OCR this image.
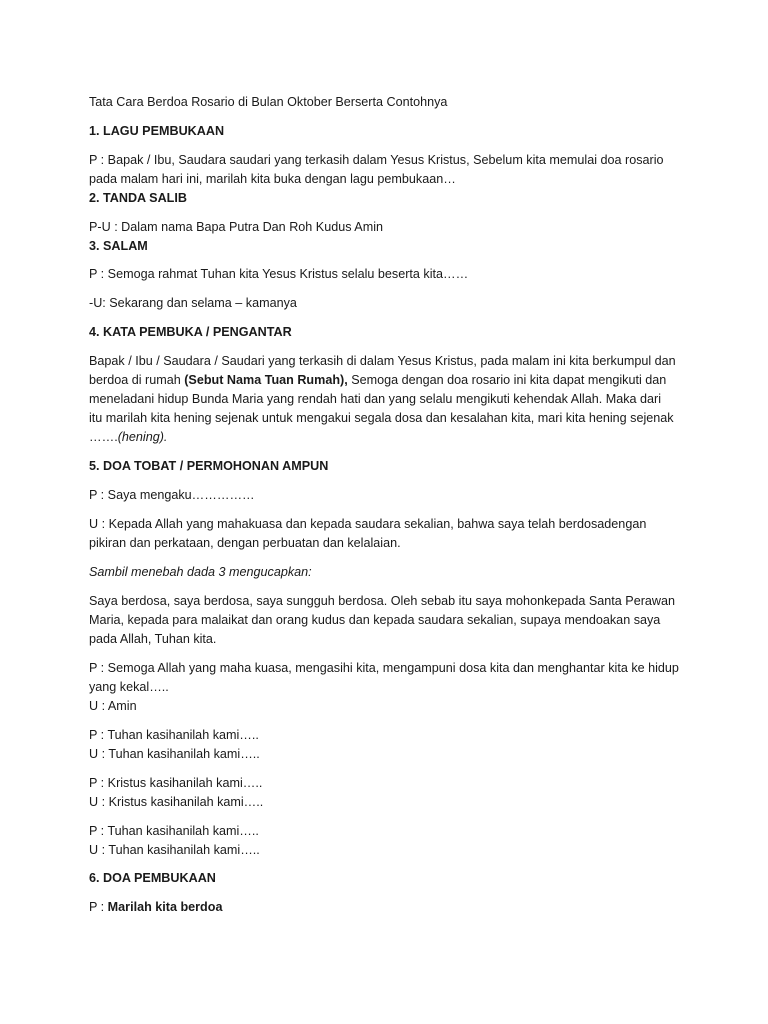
Tata Cara Berdoa Rosario di Bulan Oktober Berserta Contohnya
1. LAGU PEMBUKAAN
P : Bapak / Ibu, Saudara saudari yang terkasih dalam Yesus Kristus, Sebelum kita memulai doa rosario
pada malam hari ini, marilah kita buka dengan lagu pembukaan…
2. TANDA SALIB
P-U : Dalam nama Bapa Putra Dan Roh Kudus Amin
3. SALAM
P : Semoga rahmat Tuhan kita Yesus Kristus selalu beserta kita……
-U: Sekarang dan selama – kamanya
4. KATA PEMBUKA / PENGANTAR
Bapak / Ibu / Saudara / Saudari yang terkasih di dalam Yesus Kristus, pada malam ini kita berkumpul dan
berdoa di rumah (Sebut Nama Tuan Rumah), Semoga dengan doa rosario ini kita dapat mengikuti dan
meneladani hidup Bunda Maria yang rendah hati dan yang selalu mengikuti kehendak Allah. Maka dari
itu marilah kita hening sejenak untuk mengakui segala dosa dan kesalahan kita, mari kita hening sejenak
…….(hening).
5. DOA TOBAT / PERMOHONAN AMPUN
P : Saya mengaku……………
U : Kepada Allah yang mahakuasa dan kepada saudara sekalian, bahwa saya telah berdosadengan
pikiran dan perkataan, dengan perbuatan dan kelalaian.
Sambil menebah dada 3 mengucapkan:
Saya berdosa, saya berdosa, saya sungguh berdosa. Oleh sebab itu saya mohonkepada Santa Perawan
Maria, kepada para malaikat dan orang kudus dan kepada saudara sekalian, supaya mendoakan saya
pada Allah, Tuhan kita.
P : Semoga Allah yang maha kuasa, mengasihi kita, mengampuni dosa kita dan menghantar kita ke hidup
yang kekal…..
U : Amin
P : Tuhan kasihanilah kami…..
U : Tuhan kasihanilah kami…..
P : Kristus kasihanilah kami…..
U : Kristus kasihanilah kami…..
P : Tuhan kasihanilah kami…..
U : Tuhan kasihanilah kami…..
6. DOA PEMBUKAAN
P : Marilah kita berdoa
